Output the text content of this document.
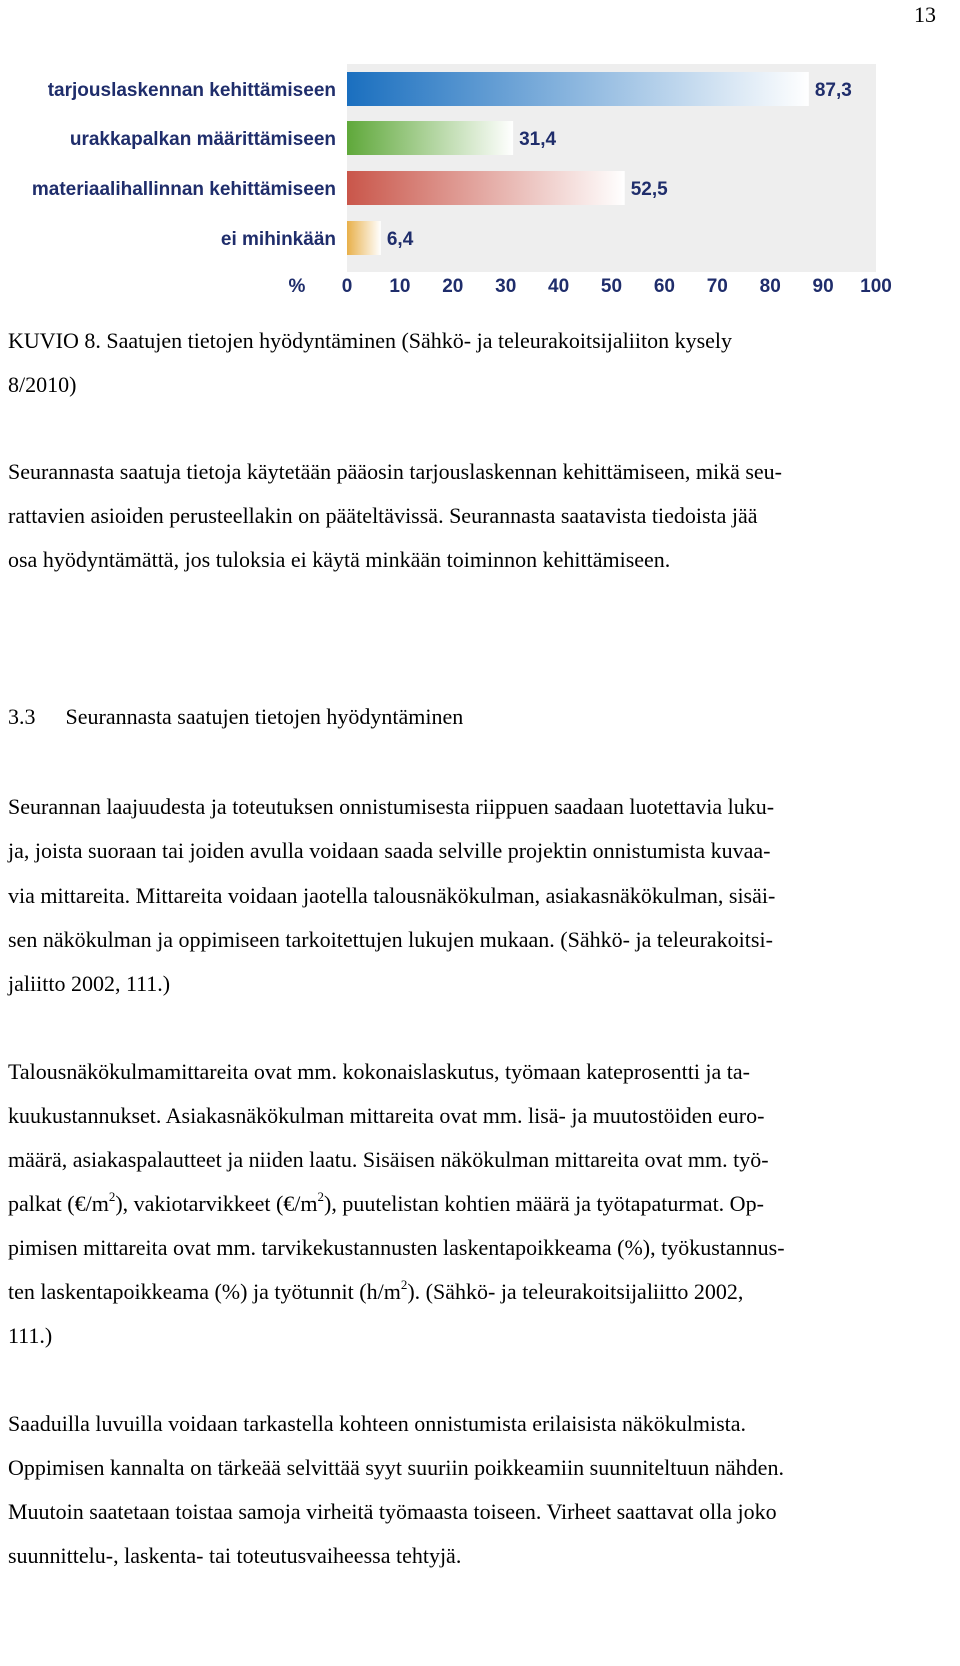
13
87,3
tarjouslaskennan kehittämiseen
31,4
urakkapalkan määrittämiseen
52,5
materiaalihallinnan kehittämiseen
6,4
ei mihinkään
% 0 10 20 30 40 50 60 70 80 90 100
KUVIO 8. Saatujen tietojen hyödyntäminen (Sähkö- ja teleurakoitsijaliiton kysely
8/2010)
Seurannasta saatuja tietoja käytetään pääosin tarjouslaskennan kehittämiseen, mikä seu-
rattavien asioiden perusteellakin on pääteltävissä. Seurannasta saatavista tiedoista jää
osa hyödyntämättä, jos tuloksia ei käytä minkään toiminnon kehittämiseen.
3.3 Seurannasta saatujen tietojen hyödyntäminen
Seurannan laajuudesta ja toteutuksen onnistumisesta riippuen saadaan luotettavia luku-
ja, joista suoraan tai joiden avulla voidaan saada selville projektin onnistumista kuvaa-
via mittareita. Mittareita voidaan jaotella talousnäkökulman, asiakasnäkökulman, sisäi-
sen näkökulman ja oppimiseen tarkoitettujen lukujen mukaan. (Sähkö- ja teleurakoitsi-
jaliitto 2002, 111.)
Talousnäkökulmamittareita ovat mm. kokonaislaskutus, työmaan kateprosentti ja ta-
kuukustannukset. Asiakasnäkökulman mittareita ovat mm. lisä- ja muutostöiden euro-
määrä, asiakaspalautteet ja niiden laatu. Sisäisen näkökulman mittareita ovat mm. työ-
palkat $(€/m^2)$, vakiotarvikkeet $(€/m^2)$, puutelistan kohtien määrä ja työtapaturmat. Op-
pimisen mittareita ovat mm. tarvikekustannusten laskentapoikkeama (%), työkustannus-
ten laskentapoikkeama (%) ja työtunnit $(h/m^2)$. (Sähkö- ja teleurakoitsijaliitto 2002,
111.)
Saaduilla luvuilla voidaan tarkastella kohteen onnistumista erilaisista näkökulmista.
Oppimisen kannalta on tärkeää selvittää syyt suuriin poikkeamiin suunniteltuun nähden.
Muutoin saatetaan toistaa samoja virheitä työmaasta toiseen. Virheet saattavat olla joko
suunnittelu-, laskenta- tai toteutusvaiheessa tehtyjä.
